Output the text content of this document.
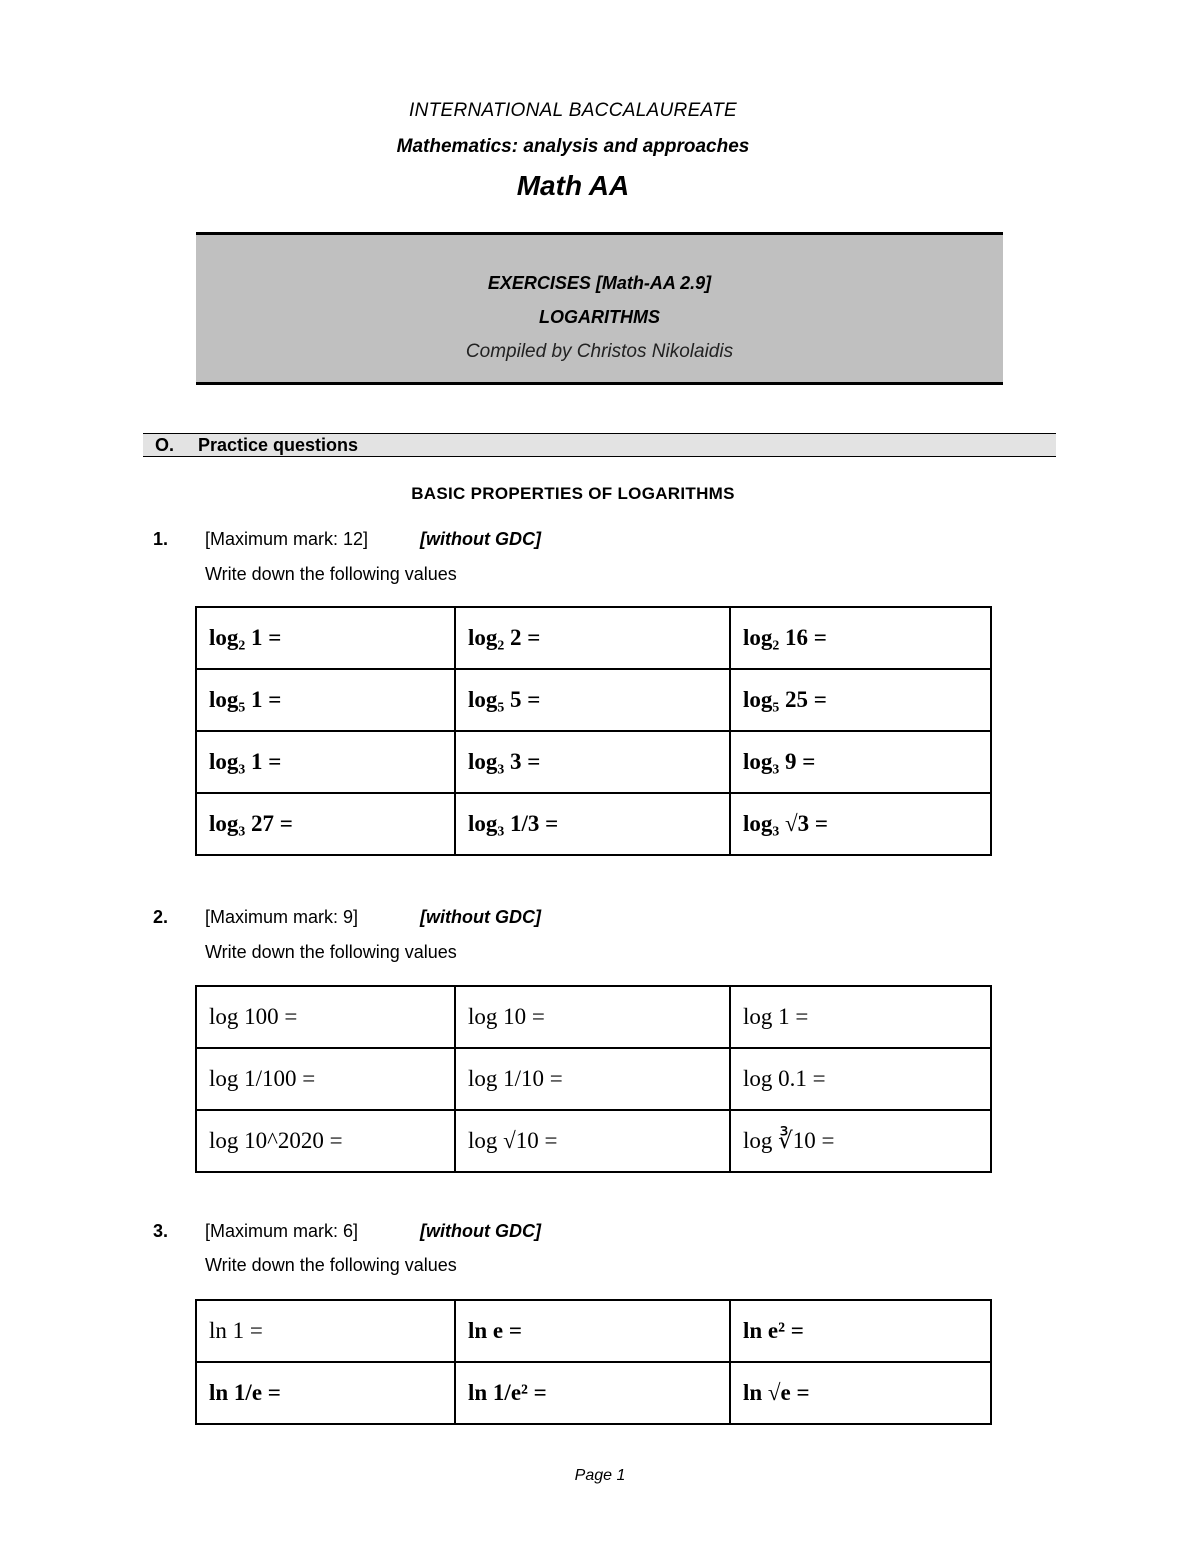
INTERNATIONAL BACCALAUREATE
Mathematics: analysis and approaches
Math AA
EXERCISES [Math-AA 2.9]
LOGARITHMS
Compiled by Christos Nikolaidis
O. Practice questions
BASIC PROPERTIES OF LOGARITHMS
1. [Maximum mark: 12]	[without GDC]
Write down the following values
log₂ 1 =	log₂ 2 =	log₂ 16 =
log₅ 1 =	log₅ 5 =	log₅ 25 =
log₃ 1 =	log₃ 3 =	log₃ 9 =
log₃ 27 =	log₃ 1/3 =	log₃ √3 =
2. [Maximum mark: 9]	[without GDC]
Write down the following values
log 100 =	log 10 =	log 1 =
log 1/100 =	log 1/10 =	log 0.1 =
log 10^2020 =	log √10 =	log ∛10 =
3. [Maximum mark: 6]	[without GDC]
Write down the following values
ln 1 =	ln e =	ln e² =
ln 1/e =	ln 1/e² =	ln √e =
Page 1
